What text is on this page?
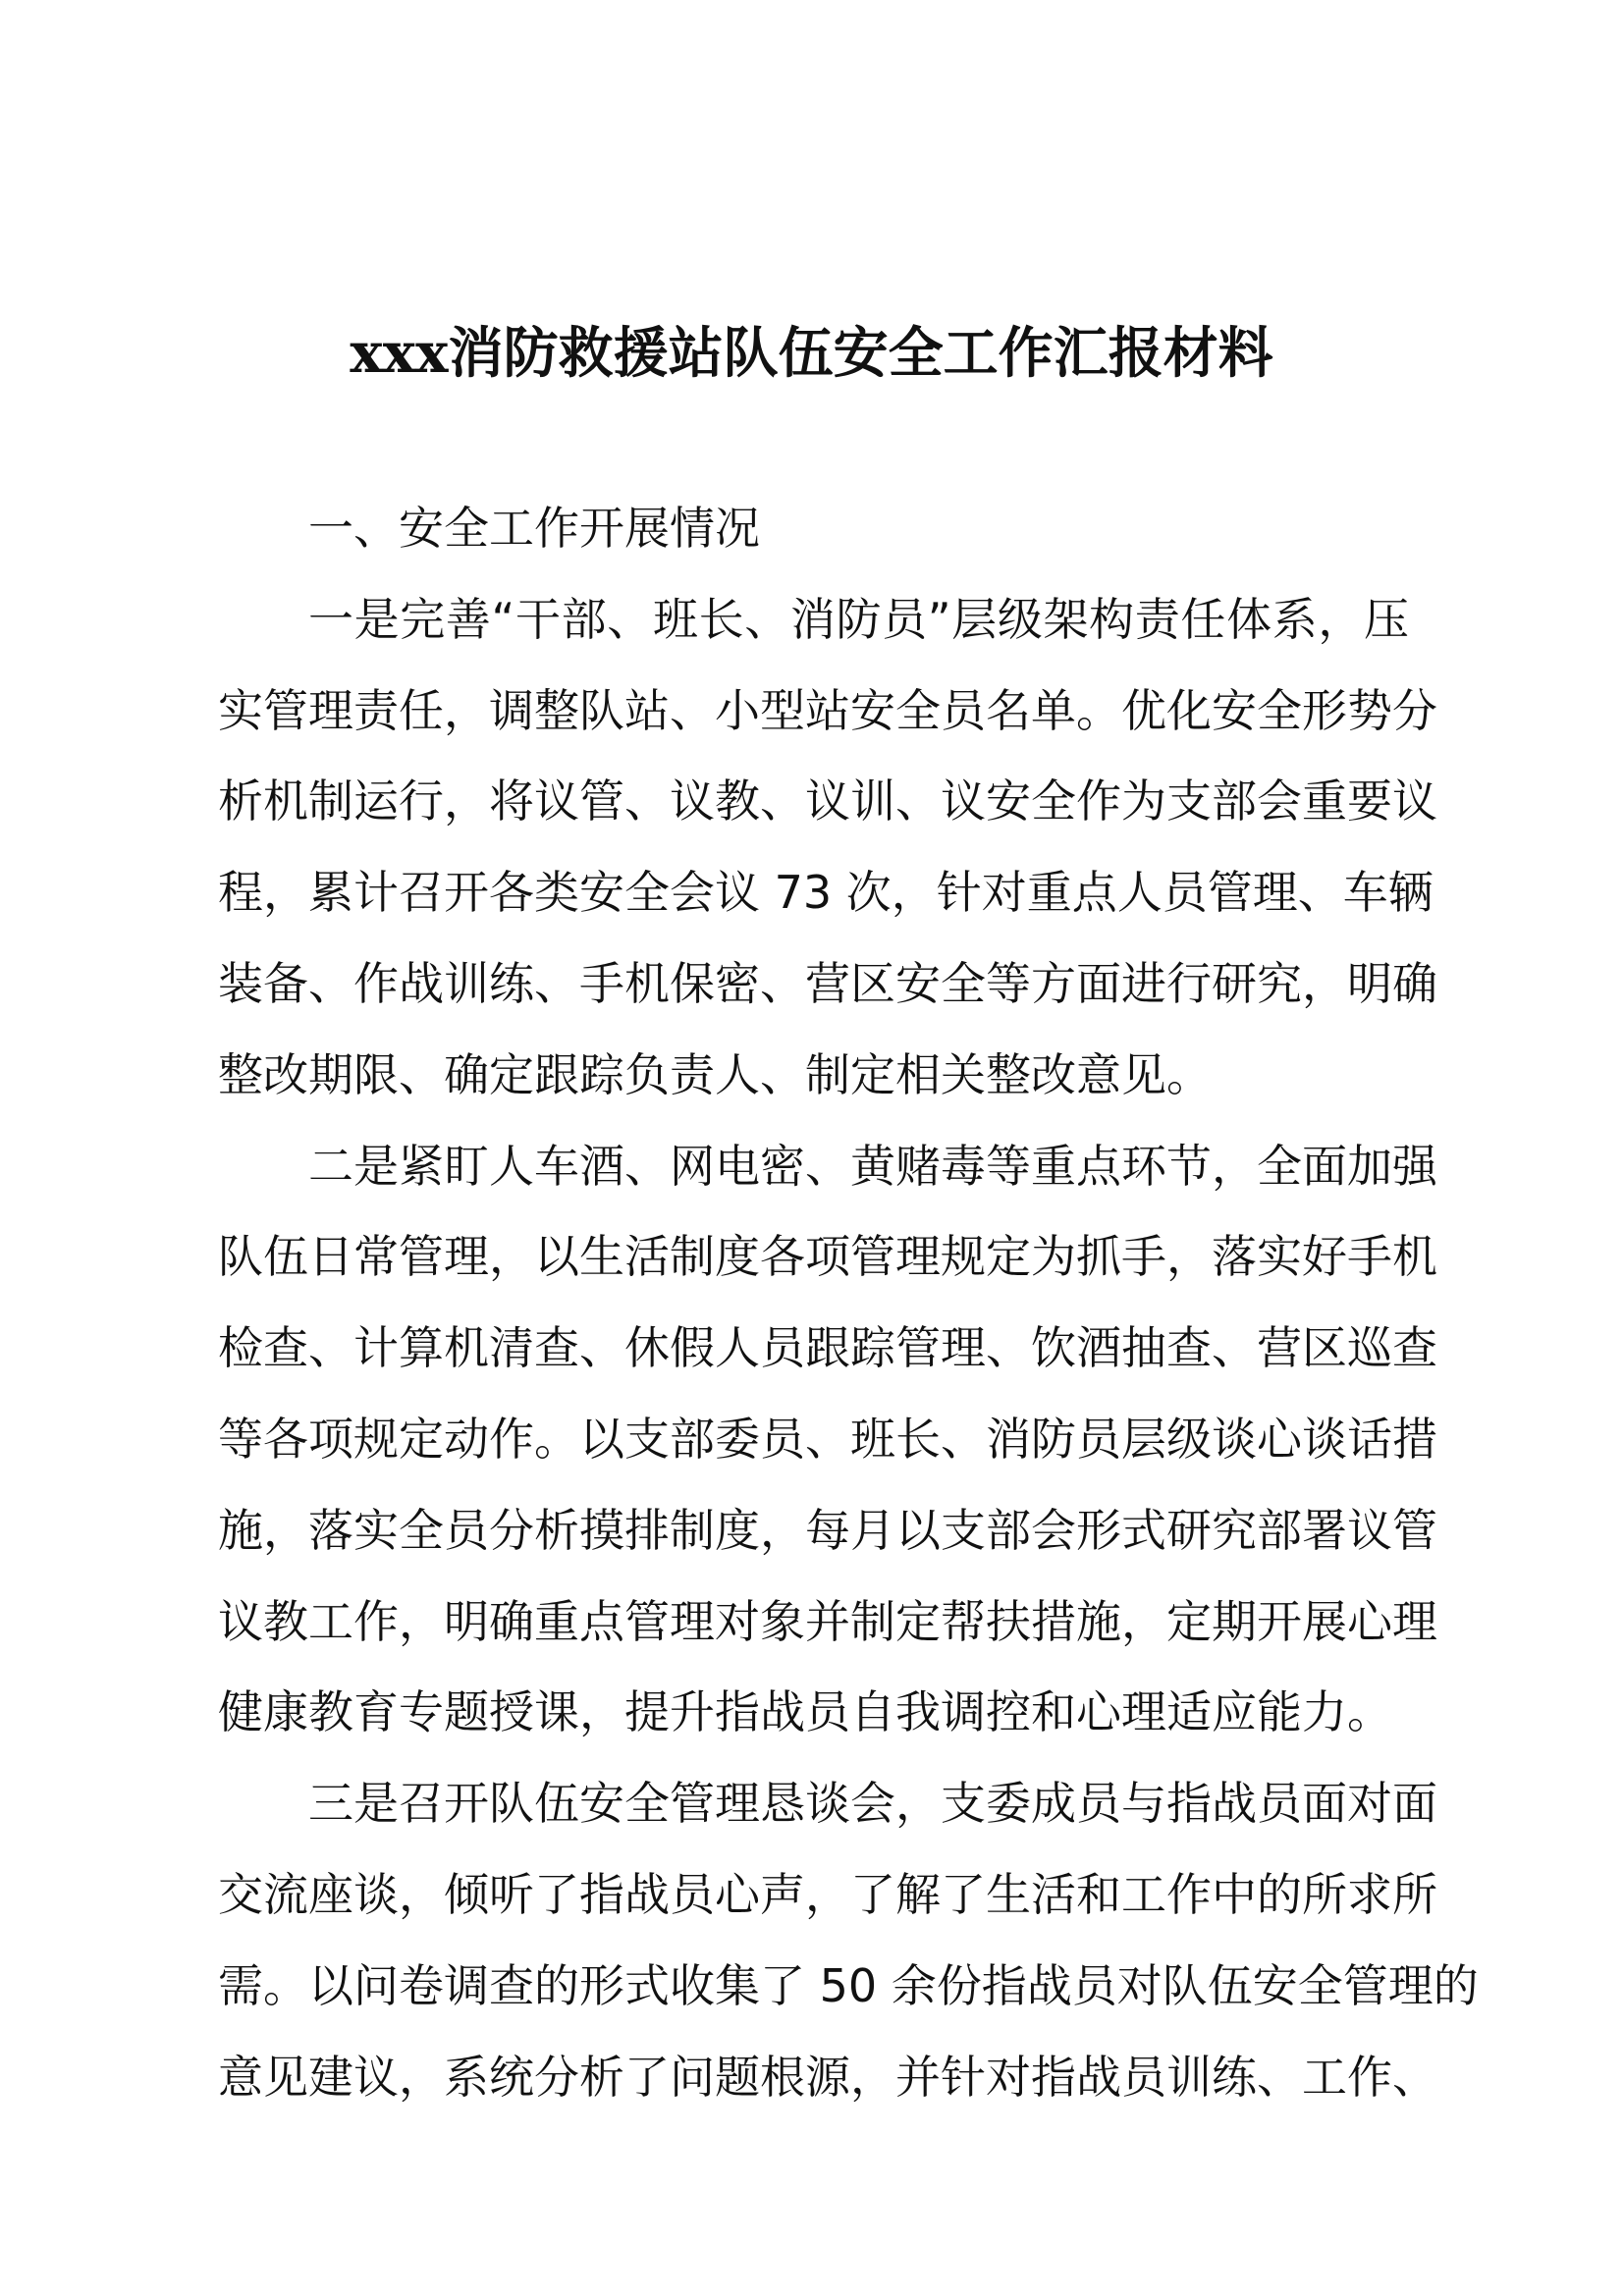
xxx消防救援站队伍安全工作汇报材料
一、安全工作开展情况
一是完善“干部、班长、消防员”层级架构责任体系，压
实管理责任，调整队站、小型站安全员名单。优化安全形势分
析机制运行，将议管、议教、议训、议安全作为支部会重要议
程，累计召开各类安全会议 73 次，针对重点人员管理、车辆
装备、作战训练、手机保密、营区安全等方面进行研究，明确
整改期限、确定跟踪负责人、制定相关整改意见。
二是紧盯人车酒、网电密、黄赌毒等重点环节，全面加强
队伍日常管理，以生活制度各项管理规定为抓手，落实好手机
检查、计算机清查、休假人员跟踪管理、饮酒抽查、营区巡查
等各项规定动作。以支部委员、班长、消防员层级谈心谈话措
施，落实全员分析摸排制度，每月以支部会形式研究部署议管
议教工作，明确重点管理对象并制定帮扶措施，定期开展心理
健康教育专题授课，提升指战员自我调控和心理适应能力。
三是召开队伍安全管理恳谈会，支委成员与指战员面对面
交流座谈，倾听了指战员心声，了解了生活和工作中的所求所
需。以问卷调查的形式收集了 50 余份指战员对队伍安全管理的
意见建议，系统分析了问题根源，并针对指战员训练、工作、
